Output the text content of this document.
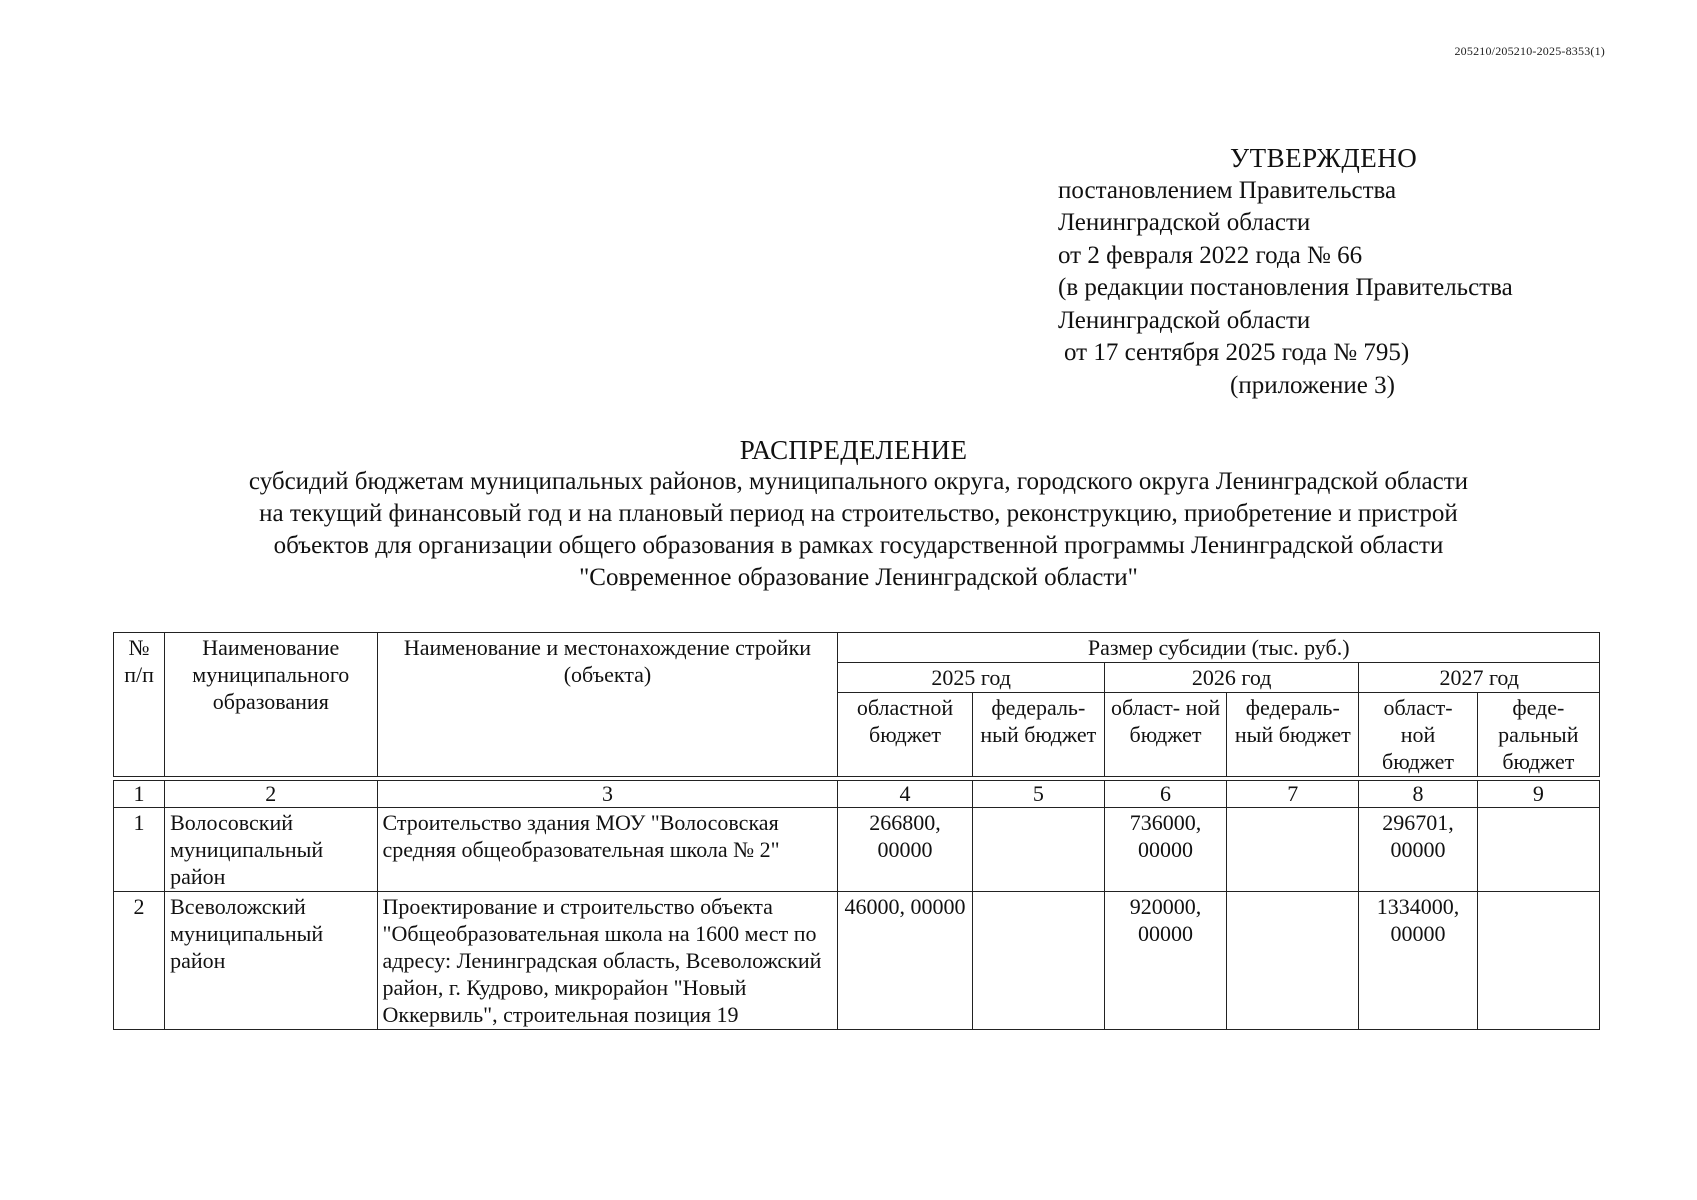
205210/205210-2025-8353(1)
УТВЕРЖДЕНО
постановлением Правительства
Ленинградской области
от 2 февраля 2022 года № 66
(в редакции постановления Правительства
Ленинградской области
от 17 сентября 2025 года № 795)
(приложение 3)
РАСПРЕДЕЛЕНИЕ
субсидий бюджетам муниципальных районов, муниципального округа, городского округа Ленинградской области
на текущий финансовый год и на плановый период на строительство, реконструкцию, приобретение и пристрой
объектов для организации общего образования в рамках государственной программы Ленинградской области
"Современное образование Ленинградской области"
№ п/п	Наименование муниципального образования	Наименование и местонахождение стройки (объекта)	Размер субсидии (тыс. руб.)					
			2025 год		2026 год		2027 год	
			областной бюджет	федераль- ный бюджет	област- ной бюджет	федераль- ный бюджет	област- ной бюджет	феде- ральный бюджет

1	2	3	4	5	6	7	8	9
1	Волосовский муниципальный район	Строительство здания МОУ "Волосовская средняя общеобразовательная школа № 2"	266800, 00000		736000, 00000		296701, 00000	
2	Всеволожский муниципальный район	Проектирование и строительство объекта "Общеобразовательная школа на 1600 мест по адресу: Ленинградская область, Всеволожский район, г. Кудрово, микрорайон "Новый Оккервиль", строительная позиция 19	46000, 00000		920000, 00000		1334000, 00000	
